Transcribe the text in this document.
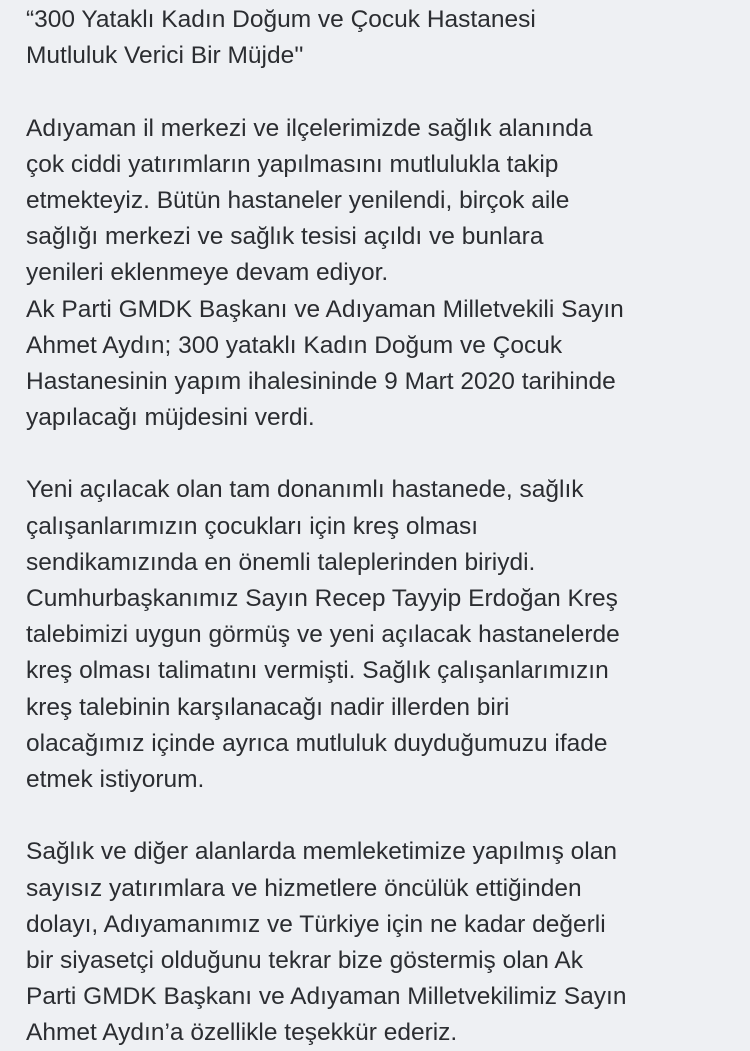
“300 Yataklı Kadın Doğum ve Çocuk Hastanesi
Mutluluk Verici Bir Müjde''
Adıyaman il merkezi ve ilçelerimizde sağlık alanında
çok ciddi yatırımların yapılmasını mutlulukla takip
etmekteyiz. Bütün hastaneler yenilendi, birçok aile
sağlığı merkezi ve sağlık tesisi açıldı ve bunlara
yenileri eklenmeye devam ediyor.
Ak Parti GMDK Başkanı ve Adıyaman Milletvekili Sayın
Ahmet Aydın; 300 yataklı Kadın Doğum ve Çocuk
Hastanesinin yapım ihalesininde 9 Mart 2020 tarihinde
yapılacağı müjdesini verdi.
Yeni açılacak olan tam donanımlı hastanede, sağlık
çalışanlarımızın çocukları için kreş olması
sendikamızında en önemli taleplerinden biriydi.
Cumhurbaşkanımız Sayın Recep Tayyip Erdoğan Kreş
talebimizi uygun görmüş ve yeni açılacak hastanelerde
kreş olması talimatını vermişti. Sağlık çalışanlarımızın
kreş talebinin karşılanacağı nadir illerden biri
olacağımız içinde ayrıca mutluluk duyduğumuzu ifade
etmek istiyorum.
Sağlık ve diğer alanlarda memleketimize yapılmış olan
sayısız yatırımlara ve hizmetlere öncülük ettiğinden
dolayı, Adıyamanımız ve Türkiye için ne kadar değerli
bir siyasetçi olduğunu tekrar bize göstermiş olan Ak
Parti GMDK Başkanı ve Adıyaman Milletvekilimiz Sayın
Ahmet Aydın’a özellikle teşekkür ederiz.
